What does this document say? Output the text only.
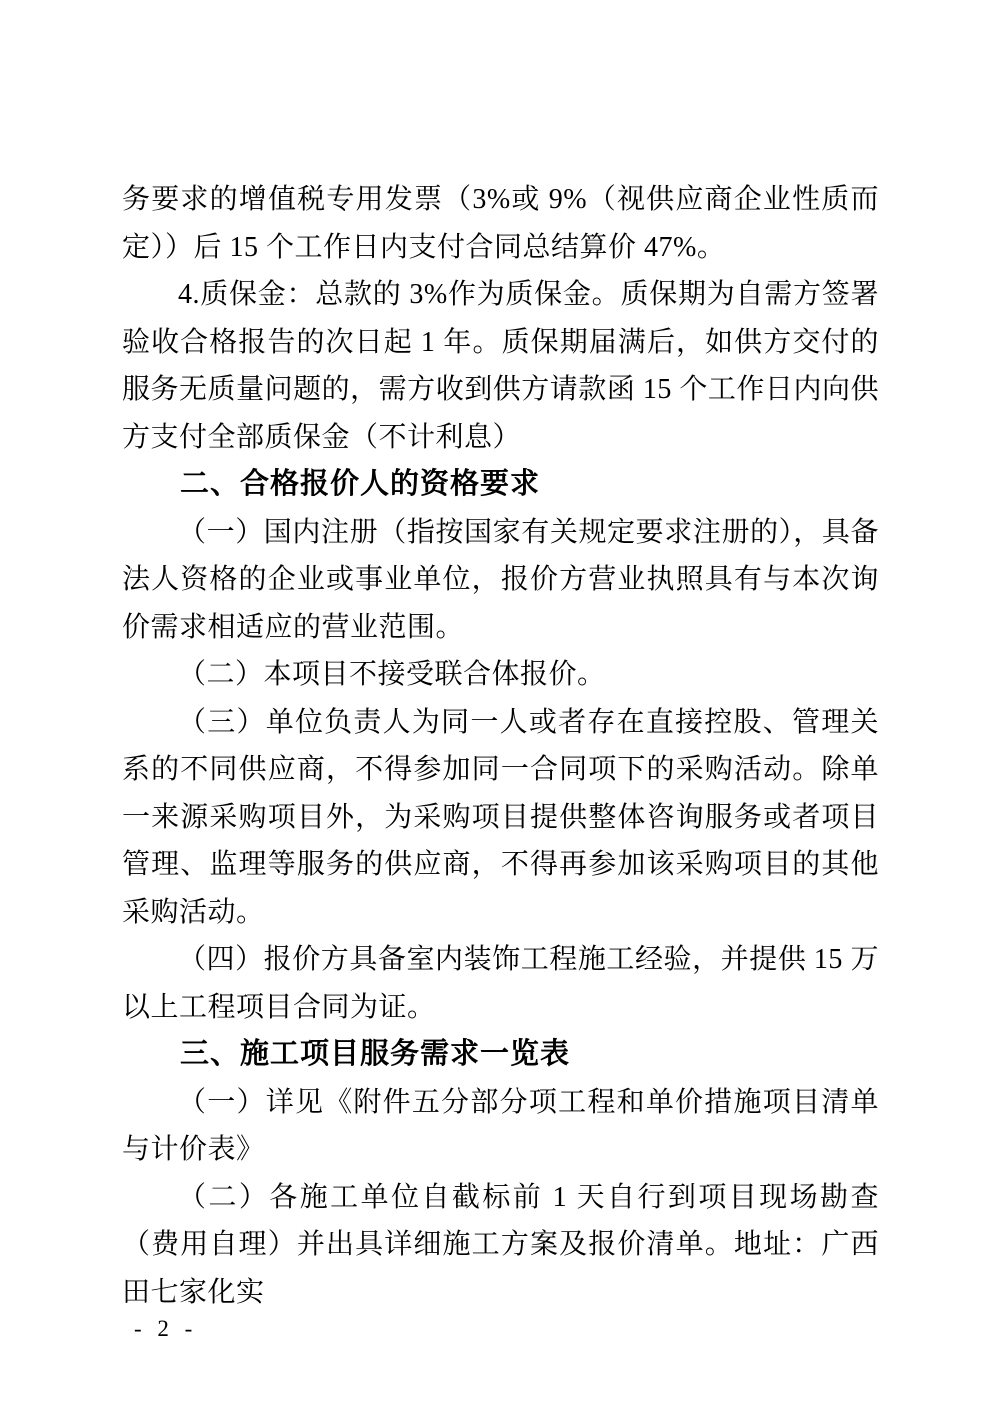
务要求的增值税专用发票（3%或 9%（视供应商企业性质而定））后 15 个工作日内支付合同总结算价 47%。

4.质保金：总款的 3%作为质保金。质保期为自需方签署验收合格报告的次日起 1 年。质保期届满后，如供方交付的服务无质量问题的，需方收到供方请款函 15 个工作日内向供方支付全部质保金（不计利息）

二、合格报价人的资格要求

（一）国内注册（指按国家有关规定要求注册的），具备法人资格的企业或事业单位，报价方营业执照具有与本次询价需求相适应的营业范围。

（二）本项目不接受联合体报价。

（三）单位负责人为同一人或者存在直接控股、管理关系的不同供应商，不得参加同一合同项下的采购活动。除单一来源采购项目外，为采购项目提供整体咨询服务或者项目管理、监理等服务的供应商，不得再参加该采购项目的其他采购活动。

（四）报价方具备室内装饰工程施工经验，并提供 15 万以上工程项目合同为证。

三、施工项目服务需求一览表

（一）详见《附件五分部分项工程和单价措施项目清单与计价表》

（二）各施工单位自截标前 1 天自行到项目现场勘查（费用自理）并出具详细施工方案及报价清单。地址：广西田七家化实

- 2 -
